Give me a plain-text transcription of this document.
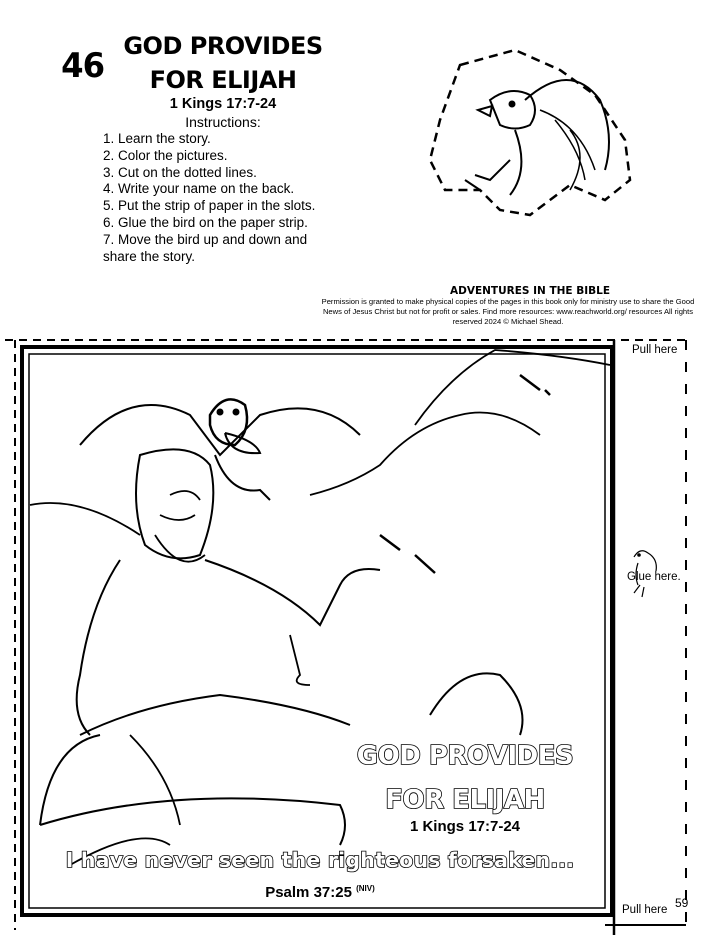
46 GOD PROVIDES
FOR ELIJAH
1 Kings 17:7-24
Instructions:
1. Learn the story.
2. Color the pictures.
3. Cut on the dotted lines.
4. Write your name on the back.
5. Put the strip of paper in the slots.
6. Glue the bird on the paper strip.
7. Move the bird up and down and share the story.
ADVENTURES IN THE BIBLE
Permission is granted to make physical copies of the pages in this book only for ministry use to share the Good News of Jesus Christ but not for profit or sales. Find more resources: www.reachworld.org/ resources All rights reserved 2024 © Michael Shead.
GOD PROVIDES
FOR ELIJAH
1 Kings 17:7-24
I have never seen the righteous forsaken...
Psalm 37:25 $^{(NIV)}$
Pull here
Glue here.
Pull here 59
